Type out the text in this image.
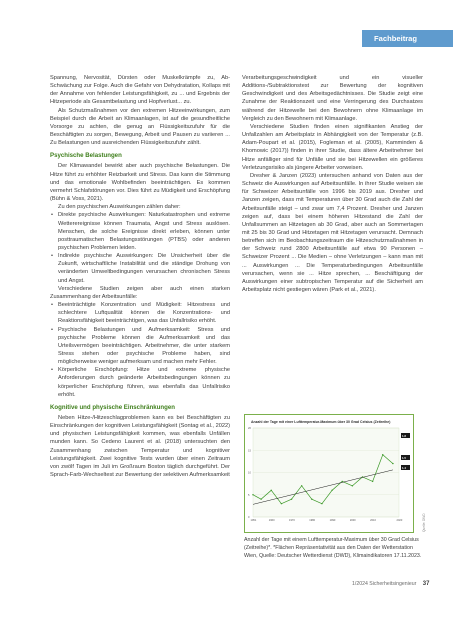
Fachbeitrag

Spannung, Nervosität, Dürsten oder Muskelkrämpfe zu, Ab-Schwächung zur Folge. Auch die Gefahr von Dehydratation, Kollaps mit der Annahme von fehlender Leistungsfähigkeit, zu ... und Ergebnis der Hitzeperiode als Gesamtbelastung und Hopfverlust... zu.

Als Schutzmaßnahmen vor den extremen Hitzeeinwirkungen, zum Beispiel durch die Arbeit an Klimaanlagen, ist auf die gesundheitliche Vorsorge zu achten, die genug an Flüssigkeitszufuhr für die Beschäftigten zu sorgen, Bewegung, Arbeit und Pausen zu variieren ... Zu Belastungen und ausreichenden Flüssigkeitszufuhr zählt.

Psychische Belastungen

Der Klimawandel bewirkt aber auch psychische Belastungen. Die Hitze führt zu erhöhter Reizbarkeit und Stress. Das kann die Stimmung und das emotionale Wohlbefinden beeinträchtigen. Es kommen vermehrt Schlafstörungen vor. Dies führt zu Müdigkeit und Erschöpfung (Bühn & Voss, 2021).

Zu den psychischen Auswirkungen zählen daher:

• Direkte psychische Auswirkungen: Naturkatastrophen und extreme Wetterereignisse können Traumata, Angst und Stress auslösen. Menschen, die solche Ereignisse direkt erleben, können unter posttraumatischen Belastungsstörungen (PTBS) oder anderen psychischen Problemen leiden.
• Indirekte psychische Auswirkungen: Die Unsicherheit über die Zukunft, wirtschaftliche Instabilität und die ständige Drohung von veränderten Umweltbedingungen verursachen chronischen Stress und Angst.

Verschiedene Studien zeigen aber auch einen starken Zusammenhang der Arbeitsunfälle:

• Beeinträchtigte Konzentration und Müdigkeit: Hitzestress und schlechtere Luftqualität können die Konzentrations- und Reaktionsfähigkeit beeinträchtigen, was das Unfallrisiko erhöht.
• Psychische Belastungen und Aufmerksamkeit: Stress und psychische Probleme können die Aufmerksamkeit und das Urteilsvermögen beeinträchtigen. Arbeitnehmer, die unter starkem Stress stehen oder psychische Probleme haben, sind möglicherweise weniger aufmerksam und machen mehr Fehler.
• Körperliche Erschöpfung: Hitze und extreme physische Anforderungen durch geänderte Arbeitsbedingungen können zu körperlicher Erschöpfung führen, was ebenfalls das Unfallrisiko erhöht.
Kognitive und physische Einschränkungen

Neben Hitze-/Hitzeschlagproblemen kann es bei Beschäftigten zu Einschränkungen der kognitiven Leistungsfähigkeit (Sontag et al., 2022) und physischen Leistungsfähigkeit kommen, was ebenfalls Unfällen munden kann. So Cedeno Laurent et al. (2018) untersuchten den Zusammenhang zwischen Temperatur und kognitiver Leistungsfähigkeit. Zwei kognitive Tests wurden über einen Zeitraum von zwölf Tagen im Juli im Großraum Boston täglich durchgeführt. Der Sprach-Farb-Wechseltest zur Bewertung der selektiven Aufmerksamkeit

Verarbeitungsgeschwindigkeit und ein visueller Additions-/Subtraktionstest zur Bewertung der kognitiven Geschwindigkeit und des Arbeitsgedächtnisses. Die Studie zeigt eine Zunahme der Reaktionszeit und eine Verringerung des Durchsatzes während der Hitzewelle bei den Bewohnern ohne Klimaanlage im Vergleich zu den Bewohnern mit Klimaanlage.

Verschiedene Studien finden einen signifikanten Anstieg der Unfallzahlen am Arbeitsplatz in Abhängigkeit von der Temperatur (z.B. Adam-Poupart et al. (2015), Fogleman et al. (2005), Kamminden & Khomowic (2017)) finden in ihrer Studie, dass ältere Arbeitnehmer bei Hitze anfälliger sind für Unfälle und sie bei Hitzewellen ein größeres Verletzungsrisiko als jüngere Arbeiter vorweisen.

Dresher & Janzen (2023) untersuchen anhand von Daten aus der Schweiz die Auswirkungen auf Arbeitsunfälle. In ihrer Studie weisen sie für Schweizer Arbeitsunfälle von 1996 bis 2019 aus. Dresher und Janzen zeigen, dass mit Temperaturen über 30 Grad auch die Zahl der Arbeitsunfälle steigt – und zwar um 7,4 Prozent. Dresher und Janzen zeigen auf, dass bei einem höheren Hitzestand die Zahl der Unfallsummen an Hitzetagen ab 30 Grad, aber auch an Sommertagen mit 25 bis 30 Grad und Hitzetagen mit Hitzetagen verursacht. Demnach betreffen sich im Beobachtungszeitraum die Hitzeschutzmaßnahmen in der Schweiz rund 2800 Arbeitsunfälle auf etwa 90 Personen – Schweizer Prozent ... Die Medien – ohne Verletzungen – kann man mit ... Auswirkungen ... Die Temperaturbedingungen Arbeitsunfälle verursachen, wenn sie ... Hitze sprechen, ... Beschäftigung der Auswirkungen einer subtropischen Temperatur auf die Sicherheit am Arbeitsplatz nicht gestiegen wären (Park et al., 2021).

Anzahl der Tage mit einer Lufttemperatur-Maximum über 30 Grad Celsius (Zeitreihe)
1.8
1.5
1.4
1951	1960	1970	1980	1990	2000	2010	2023
0
5
10
15
20
Quelle: DWD
Anzahl der Tage mit einem Lufttemperatur-Maximum über 30 Grad Celsius (Zeitreihe)*. *Flächen Repräsentativität aus den Daten der Wetterstation Wien, Quelle: Deutscher Wetterdienst (DWD), Klimaindikatoren 17.11.2023.
1/2024 Sicherheitsingenieur 37
